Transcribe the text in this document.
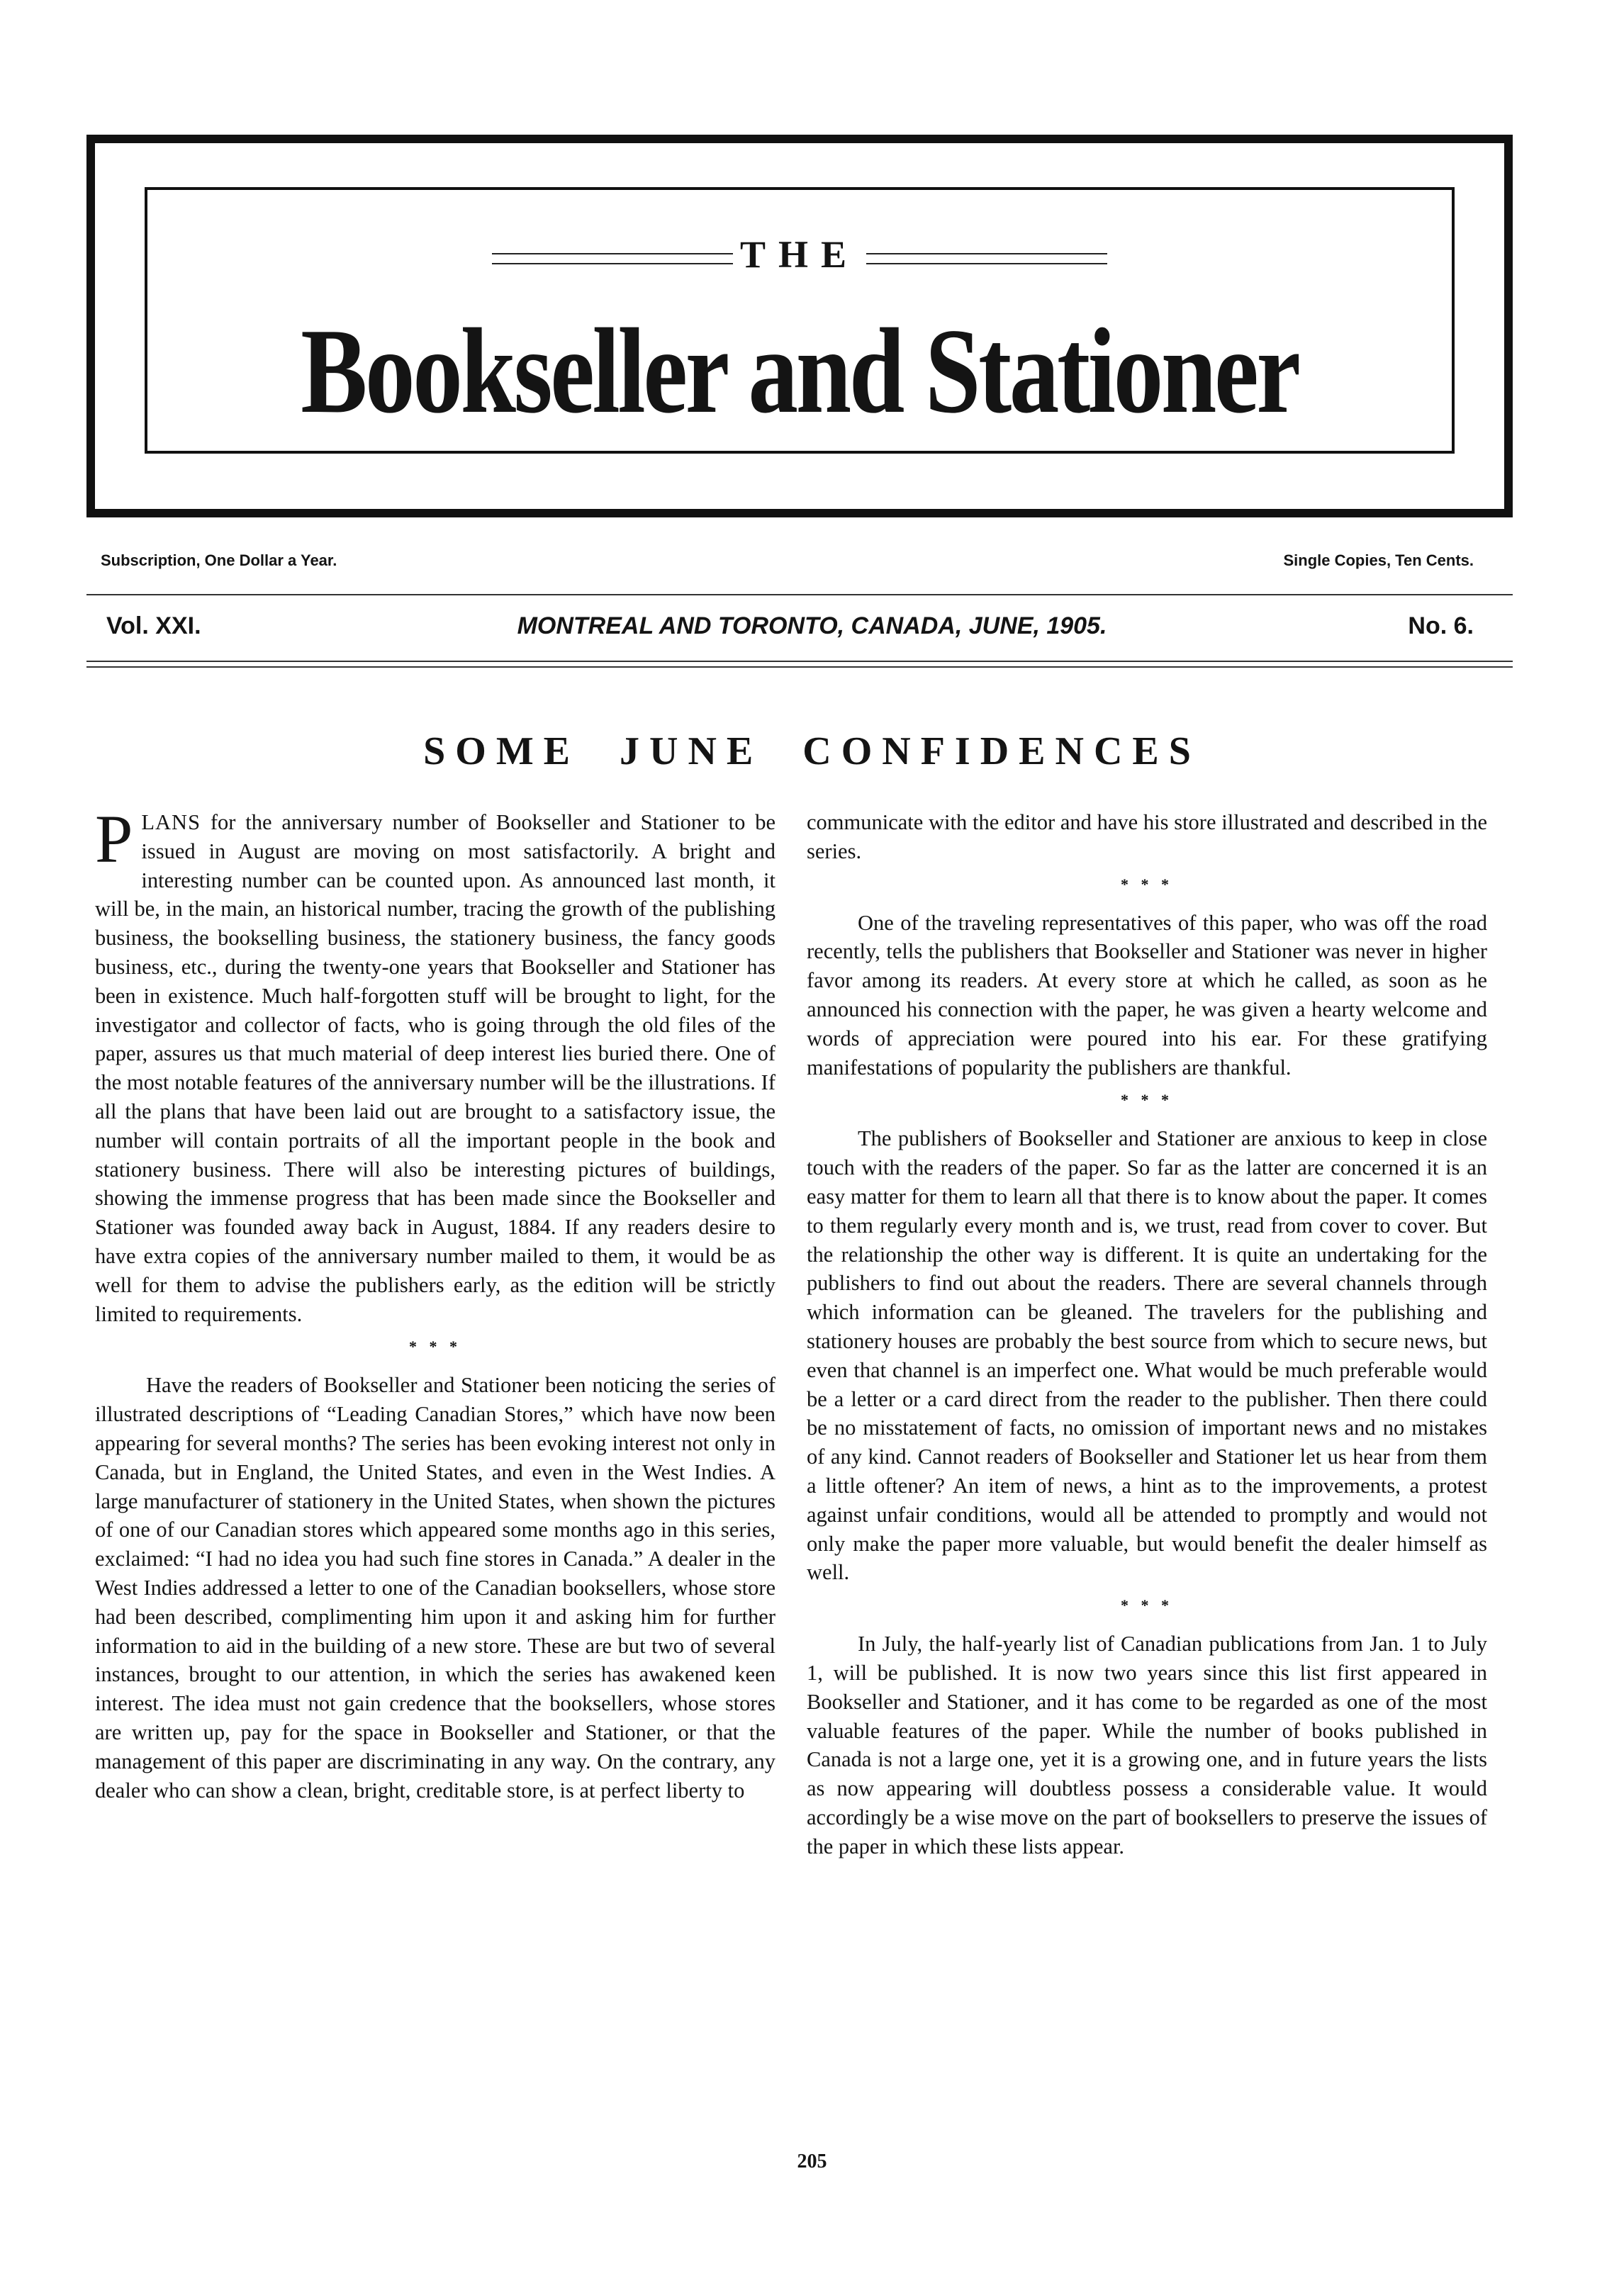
THE
Bookseller and Stationer
Subscription, One Dollar a Year.	Single Copies, Ten Cents.
Vol. XXI.	MONTREAL AND TORONTO, CANADA, JUNE, 1905.	No. 6.
SOME JUNE CONFIDENCES

PLANS for the anniversary number of Bookseller and Stationer to be issued in August are moving on most satisfactorily. A bright and interesting number can be counted upon. As announced last month, it will be, in the main, an historical number, tracing the growth of the publishing business, the bookselling business, the stationery business, the fancy goods business, etc., during the twenty-one years that Bookseller and Stationer has been in existence. Much half-forgotten stuff will be brought to light, for the investigator and collector of facts, who is going through the old files of the paper, assures us that much material of deep interest lies buried there. One of the most notable features of the anniversary number will be the illustrations. If all the plans that have been laid out are brought to a satisfactory issue, the number will contain portraits of all the important people in the book and stationery business. There will also be interesting pictures of buildings, showing the immense progress that has been made since the Bookseller and Stationer was founded away back in August, 1884. If any readers desire to have extra copies of the anniversary number mailed to them, it would be as well for them to advise the publishers early, as the edition will be strictly limited to requirements.

* * *

Have the readers of Bookseller and Stationer been noticing the series of illustrated descriptions of “Leading Canadian Stores,” which have now been appearing for several months? The series has been evoking interest not only in Canada, but in England, the United States, and even in the West Indies. A large manufacturer of stationery in the United States, when shown the pictures of one of our Canadian stores which appeared some months ago in this series, exclaimed: “I had no idea you had such fine stores in Canada.” A dealer in the West Indies addressed a letter to one of the Canadian booksellers, whose store had been described, complimenting him upon it and asking him for further information to aid in the building of a new store. These are but two of several instances, brought to our attention, in which the series has awakened keen interest. The idea must not gain credence that the booksellers, whose stores are written up, pay for the space in Bookseller and Stationer, or that the management of this paper are discriminating in any way. On the contrary, any dealer who can show a clean, bright, creditable store, is at perfect liberty to

communicate with the editor and have his store illustrated and described in the series.

* * *

One of the traveling representatives of this paper, who was off the road recently, tells the publishers that Bookseller and Stationer was never in higher favor among its readers. At every store at which he called, as soon as he announced his connection with the paper, he was given a hearty welcome and words of appreciation were poured into his ear. For these gratifying manifestations of popularity the publishers are thankful.

* * *

The publishers of Bookseller and Stationer are anxious to keep in close touch with the readers of the paper. So far as the latter are concerned it is an easy matter for them to learn all that there is to know about the paper. It comes to them regularly every month and is, we trust, read from cover to cover. But the relationship the other way is different. It is quite an undertaking for the publishers to find out about the readers. There are several channels through which information can be gleaned. The travelers for the publishing and stationery houses are probably the best source from which to secure news, but even that channel is an imperfect one. What would be much preferable would be a letter or a card direct from the reader to the publisher. Then there could be no misstatement of facts, no omission of important news and no mistakes of any kind. Cannot readers of Bookseller and Stationer let us hear from them a little oftener? An item of news, a hint as to the improvements, a protest against unfair conditions, would all be attended to promptly and would not only make the paper more valuable, but would benefit the dealer himself as well.

* * *

In July, the half-yearly list of Canadian publications from Jan. 1 to July 1, will be published. It is now two years since this list first appeared in Bookseller and Stationer, and it has come to be regarded as one of the most valuable features of the paper. While the number of books published in Canada is not a large one, yet it is a growing one, and in future years the lists as now appearing will doubtless possess a considerable value. It would accordingly be a wise move on the part of booksellers to preserve the issues of the paper in which these lists appear.

205
